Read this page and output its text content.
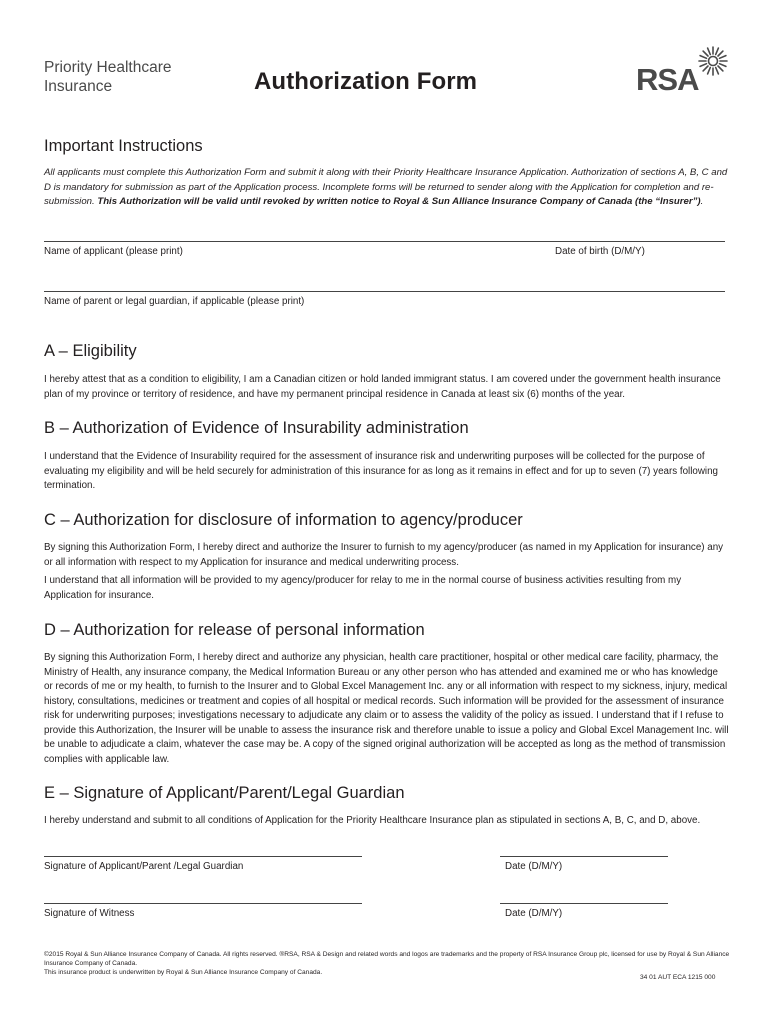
Priority Healthcare
Insurance	Authorization Form	RSA
Important Instructions

All applicants must complete this Authorization Form and submit it along with their Priority Healthcare Insurance Application. Authorization of sections A, B, C and D is mandatory for submission as part of the Application process. Incomplete forms will be returned to sender along with the Application for completion and re-submission. This Authorization will be valid until revoked by written notice to Royal & Sun Alliance Insurance Company of Canada (the “Insurer”).

Name of applicant (please print)	Date of birth (D/M/Y)
Name of parent or legal guardian, if applicable (please print)
A – Eligibility

I hereby attest that as a condition to eligibility, I am a Canadian citizen or hold landed immigrant status. I am covered under the government health insurance plan of my province or territory of residence, and have my permanent principal residence in Canada at least six (6) months of the year.

B – Authorization of Evidence of Insurability administration

I understand that the Evidence of Insurability required for the assessment of insurance risk and underwriting purposes will be collected for the purpose of evaluating my eligibility and will be held securely for administration of this insurance for as long as it remains in effect and for up to seven (7) years following termination.

C – Authorization for disclosure of information to agency/producer

By signing this Authorization Form, I hereby direct and authorize the Insurer to furnish to my agency/producer (as named in my Application for insurance) any or all information with respect to my Application for insurance and medical underwriting process.

I understand that all information will be provided to my agency/producer for relay to me in the normal course of business activities resulting from my Application for insurance.

D – Authorization for release of personal information

By signing this Authorization Form, I hereby direct and authorize any physician, health care practitioner, hospital or other medical care facility, pharmacy, the Ministry of Health, any insurance company, the Medical Information Bureau or any other person who has attended and examined me or who has knowledge or records of me or my health, to furnish to the Insurer and to Global Excel Management Inc. any or all information with respect to my sickness, injury, medical history, consultations, medicines or treatment and copies of all hospital or medical records. Such information will be provided for the assessment of insurance risk for underwriting purposes; investigations necessary to adjudicate any claim or to assess the validity of the policy as issued. I understand that if I refuse to provide this Authorization, the Insurer will be unable to assess the insurance risk and therefore unable to issue a policy and Global Excel Management Inc. will be unable to adjudicate a claim, whatever the case may be. A copy of the signed original authorization will be accepted as long as the method of transmission complies with applicable law.

E – Signature of Applicant/Parent/Legal Guardian

I hereby understand and submit to all conditions of Application for the Priority Healthcare Insurance plan as stipulated in sections A, B, C, and D, above.

Signature of Applicant/Parent /Legal Guardian	Date (D/M/Y)
Signature of Witness	Date (D/M/Y)
©2015 Royal & Sun Alliance Insurance Company of Canada. All rights reserved. ®RSA, RSA & Design and related words and logos are trademarks and the property of RSA Insurance Group plc, licensed for use by Royal & Sun Alliance Insurance Company of Canada.
This insurance product is underwritten by Royal & Sun Alliance Insurance Company of Canada.
34 01 AUT ECA 1215 000
